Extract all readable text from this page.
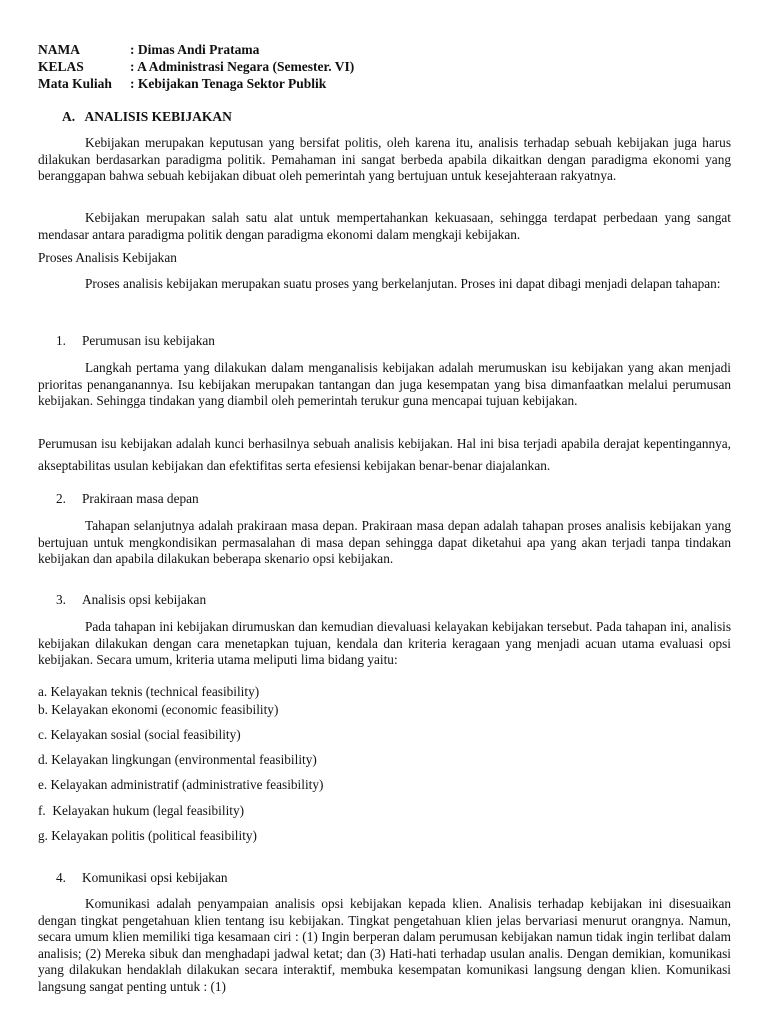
NAMA	: Dimas Andi Pratama
KELAS	: A Administrasi Negara (Semester. VI)
Mata Kuliah	: Kebijakan Tenaga Sektor Publik
A.   ANALISIS KEBIJAKAN

Kebijakan merupakan keputusan yang bersifat politis, oleh karena itu, analisis terhadap sebuah kebijakan juga harus dilakukan berdasarkan paradigma politik. Pemahaman ini sangat berbeda apabila dikaitkan dengan paradigma ekonomi yang beranggapan bahwa sebuah kebijakan dibuat oleh pemerintah yang bertujuan untuk kesejahteraan rakyatnya.

Kebijakan merupakan salah satu alat untuk mempertahankan kekuasaan, sehingga terdapat perbedaan yang sangat mendasar antara paradigma politik dengan paradigma ekonomi dalam mengkaji kebijakan.

Proses Analisis Kebijakan

Proses analisis kebijakan merupakan suatu proses yang berkelanjutan. Proses ini dapat dibagi menjadi delapan tahapan:

1. Perumusan isu kebijakan

Langkah pertama yang dilakukan dalam menganalisis kebijakan adalah merumuskan isu kebijakan yang akan menjadi prioritas penanganannya. Isu kebijakan merupakan tantangan dan juga kesempatan yang bisa dimanfaatkan melalui perumusan kebijakan. Sehingga tindakan yang diambil oleh pemerintah terukur guna mencapai tujuan kebijakan.

Perumusan isu kebijakan adalah kunci berhasilnya sebuah analisis kebijakan. Hal ini bisa terjadi apabila derajat kepentingannya, akseptabilitas usulan kebijakan dan efektifitas serta efesiensi kebijakan benar-benar diajalankan.

2. Prakiraan masa depan

Tahapan selanjutnya adalah prakiraan masa depan. Prakiraan masa depan adalah tahapan proses analisis kebijakan yang bertujuan untuk mengkondisikan permasalahan di masa depan sehingga dapat diketahui apa yang akan terjadi tanpa tindakan kebijakan dan apabila dilakukan beberapa skenario opsi kebijakan.

3. Analisis opsi kebijakan

Pada tahapan ini kebijakan dirumuskan dan kemudian dievaluasi kelayakan kebijakan tersebut. Pada tahapan ini, analisis kebijakan dilakukan dengan cara menetapkan tujuan, kendala dan kriteria keragaan yang menjadi acuan utama evaluasi opsi kebijakan. Secara umum, kriteria utama meliputi lima bidang yaitu:

a. Kelayakan teknis (technical feasibility)
b. Kelayakan ekonomi (economic feasibility)
c. Kelayakan sosial (social feasibility)
d. Kelayakan lingkungan (environmental feasibility)
e. Kelayakan administratif (administrative feasibility)
f.  Kelayakan hukum (legal feasibility)
g. Kelayakan politis (political feasibility)
4. Komunikasi opsi kebijakan

Komunikasi adalah penyampaian analisis opsi kebijakan kepada klien. Analisis terhadap kebijakan ini disesuaikan dengan tingkat pengetahuan klien tentang isu kebijakan. Tingkat pengetahuan klien jelas bervariasi menurut orangnya. Namun, secara umum klien memiliki tiga kesamaan ciri : (1) Ingin berperan dalam perumusan kebijakan namun tidak ingin terlibat dalam analisis; (2) Mereka sibuk dan menghadapi jadwal ketat; dan (3) Hati-hati terhadap usulan analis. Dengan demikian, komunikasi yang dilakukan hendaklah dilakukan secara interaktif, membuka kesempatan komunikasi langsung dengan klien. Komunikasi langsung sangat penting untuk : (1)
